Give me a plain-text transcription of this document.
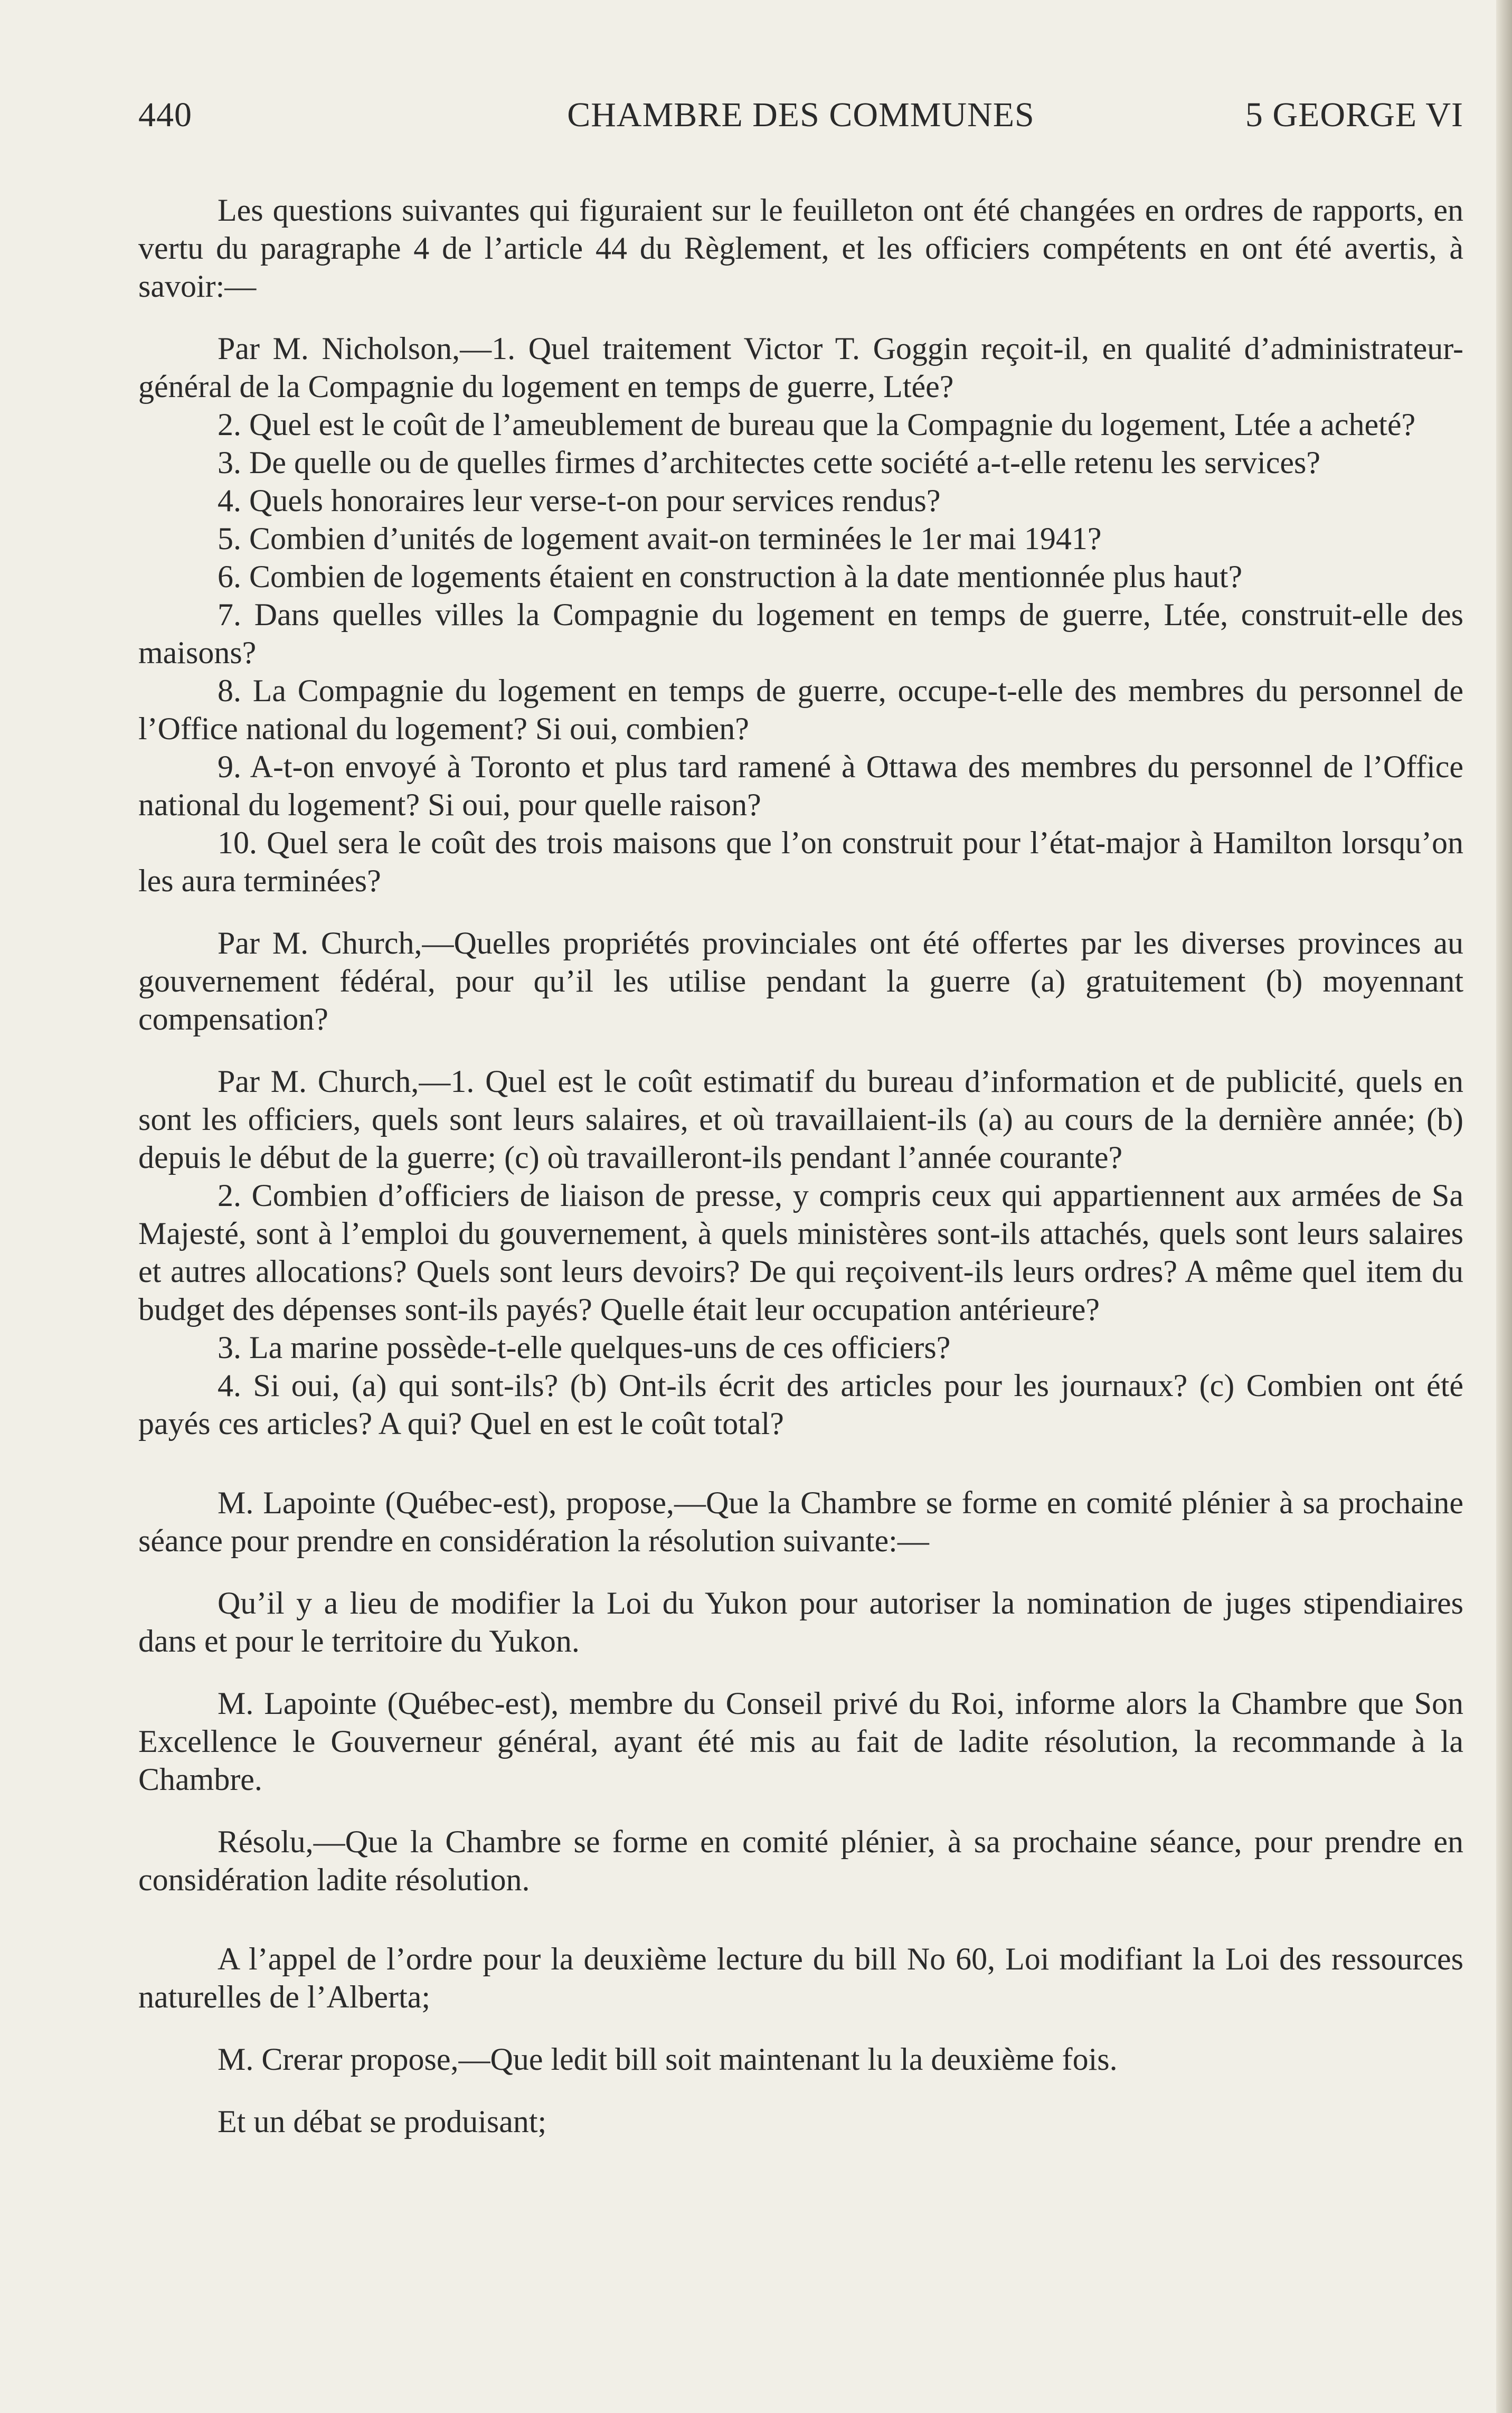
440	CHAMBRE DES COMMUNES	5 GEORGE VI

Les questions suivantes qui figuraient sur le feuilleton ont été changées en ordres de rapports, en vertu du paragraphe 4 de l’article 44 du Règlement, et les officiers compétents en ont été avertis, à savoir:—

Par M. Nicholson,—1. Quel traitement Victor T. Goggin reçoit-il, en qualité d’administrateur-général de la Compagnie du logement en temps de guerre, Ltée?

2. Quel est le coût de l’ameublement de bureau que la Compagnie du logement, Ltée a acheté?

3. De quelle ou de quelles firmes d’architectes cette société a-t-elle retenu les services?

4. Quels honoraires leur verse-t-on pour services rendus?

5. Combien d’unités de logement avait-on terminées le 1er mai 1941?

6. Combien de logements étaient en construction à la date mentionnée plus haut?

7. Dans quelles villes la Compagnie du logement en temps de guerre, Ltée, construit-elle des maisons?

8. La Compagnie du logement en temps de guerre, occupe-t-elle des membres du personnel de l’Office national du logement? Si oui, combien?

9. A-t-on envoyé à Toronto et plus tard ramené à Ottawa des membres du personnel de l’Office national du logement? Si oui, pour quelle raison?

10. Quel sera le coût des trois maisons que l’on construit pour l’état-major à Hamilton lorsqu’on les aura terminées?

Par M. Church,—Quelles propriétés provinciales ont été offertes par les diverses provinces au gouvernement fédéral, pour qu’il les utilise pendant la guerre (a) gratuitement (b) moyennant compensation?

Par M. Church,—1. Quel est le coût estimatif du bureau d’information et de publicité, quels en sont les officiers, quels sont leurs salaires, et où travaillaient-ils (a) au cours de la dernière année; (b) depuis le début de la guerre; (c) où travailleront-ils pendant l’année courante?

2. Combien d’officiers de liaison de presse, y compris ceux qui appartiennent aux armées de Sa Majesté, sont à l’emploi du gouvernement, à quels ministères sont-ils attachés, quels sont leurs salaires et autres allocations? Quels sont leurs devoirs? De qui reçoivent-ils leurs ordres? A même quel item du budget des dépenses sont-ils payés? Quelle était leur occupation antérieure?

3. La marine possède-t-elle quelques-uns de ces officiers?

4. Si oui, (a) qui sont-ils? (b) Ont-ils écrit des articles pour les journaux? (c) Combien ont été payés ces articles? A qui? Quel en est le coût total?

M. Lapointe (Québec-est), propose,—Que la Chambre se forme en comité plénier à sa prochaine séance pour prendre en considération la résolution suivante:—

Qu’il y a lieu de modifier la Loi du Yukon pour autoriser la nomination de juges stipendiaires dans et pour le territoire du Yukon.

M. Lapointe (Québec-est), membre du Conseil privé du Roi, informe alors la Chambre que Son Excellence le Gouverneur général, ayant été mis au fait de ladite résolution, la recommande à la Chambre.

Résolu,—Que la Chambre se forme en comité plénier, à sa prochaine séance, pour prendre en considération ladite résolution.

A l’appel de l’ordre pour la deuxième lecture du bill No 60, Loi modifiant la Loi des ressources naturelles de l’Alberta;

M. Crerar propose,—Que ledit bill soit maintenant lu la deuxième fois.

Et un débat se produisant;
